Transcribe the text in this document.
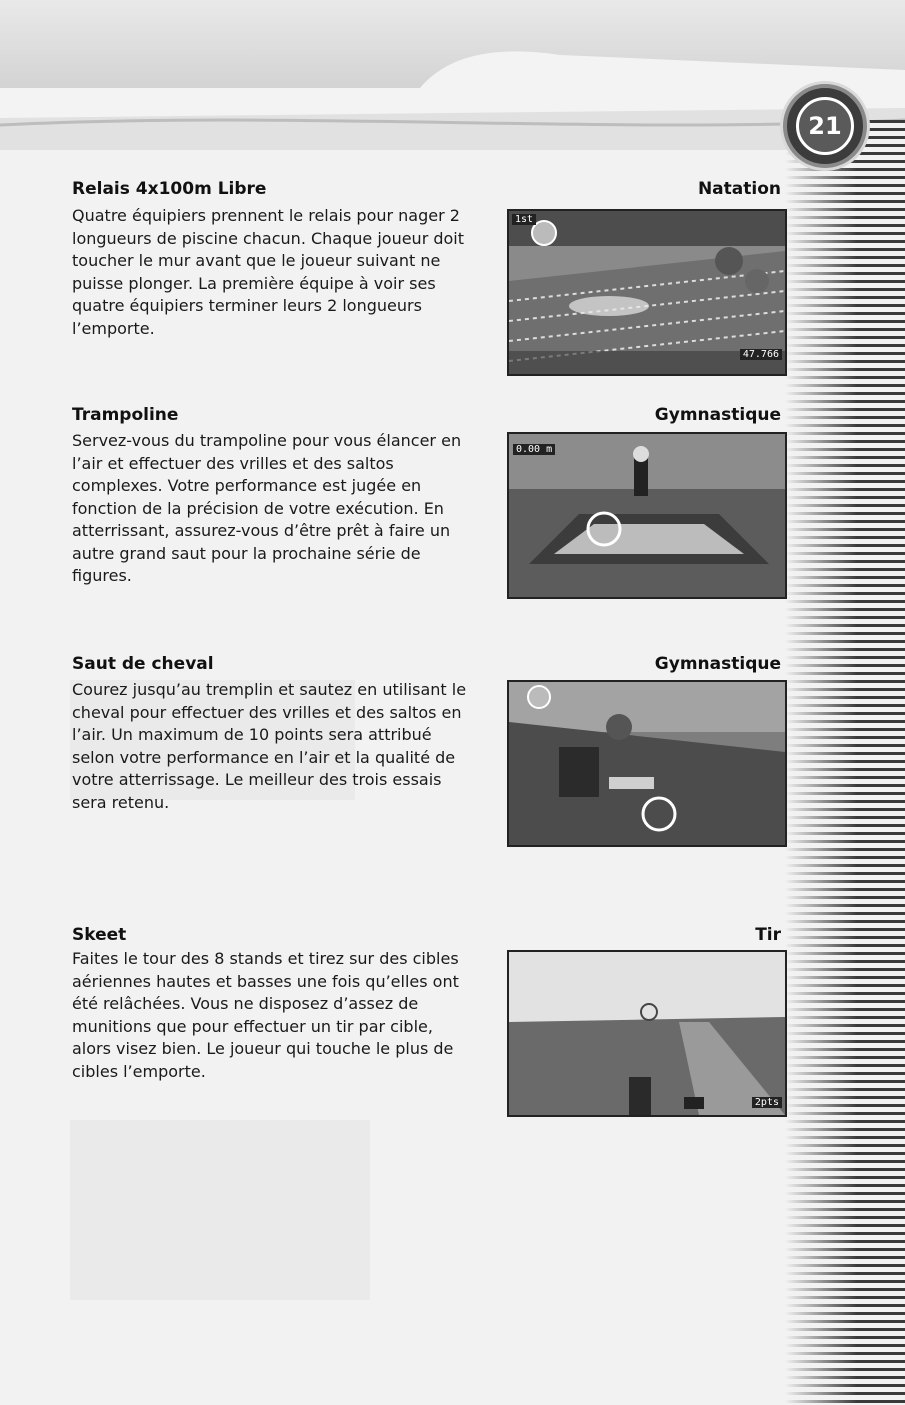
21
Relais 4x100m Libre	Natation
Quatre équipiers prennent le relais pour nager 2 longueurs de piscine chacun. Chaque joueur doit toucher le mur avant que le joueur suivant ne puisse plonger. La première équipe à voir ses quatre équipiers terminer leurs 2 longueurs l’emporte.
1st
47.766
Trampoline	Gymnastique
Servez-vous du trampoline pour vous élancer en l’air et effectuer des vrilles et des saltos complexes. Votre performance est jugée en fonction de la précision de votre exécution. En atterrissant, assurez-vous d’être prêt à faire un autre grand saut pour la prochaine série de figures.
0.00 m
Saut de cheval	Gymnastique
Courez jusqu’au tremplin et sautez en utilisant le cheval pour effectuer des vrilles et des saltos en l’air. Un maximum de 10 points sera attribué selon votre performance en l’air et la qualité de votre atterrissage. Le meilleur des trois essais sera retenu.
Skeet	Tir
Faites le tour des 8 stands et tirez sur des cibles aériennes hautes et basses une fois qu’elles ont été relâchées. Vous ne disposez d’assez de munitions que pour effectuer un tir par cible, alors visez bien. Le joueur qui touche le plus de cibles l’emporte.
2pts
